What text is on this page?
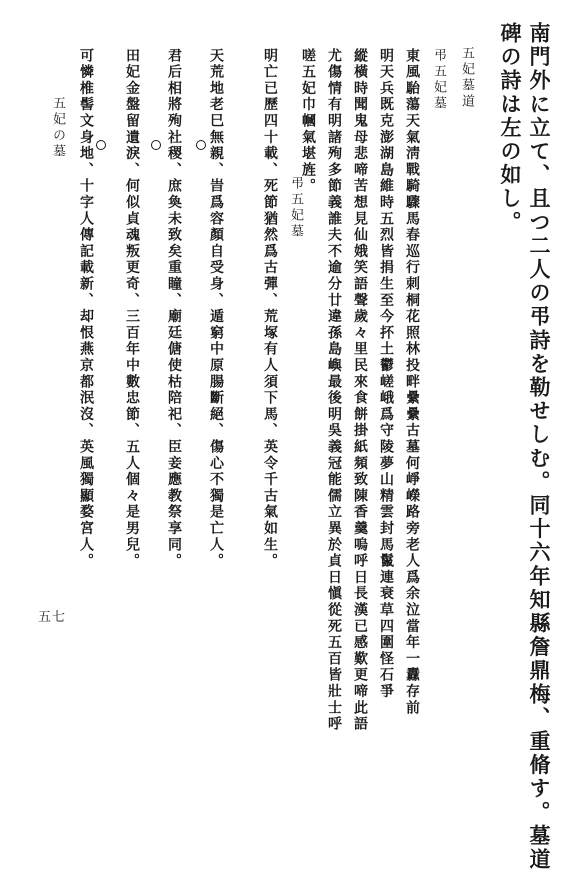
南門外に立て、且つ二人の弔詩を勒せしむ。同十六年知縣詹鼎梅、重脩す。墓道
碑の詩は左の如し。
五妃墓道
弔五妃墓
東風駘蕩天氣淸戰騎驟馬春巡行刺桐花照林投畔纍纍古墓何崢嶸路旁老人爲余泣當年一纛存前
明天兵既克澎湖島維時五烈皆捐生至今抔土鬱嵯峨爲守陵夢山精雲封馬鬣連衰草四圍怪石爭
縱橫時聞鬼母悲啼苦想見仙娥笑語聲歲々里民來食餅掛紙頻致陳香羹嗚呼日長漢已感歎更啼此語
尤傷情有明諸殉多節義誰夫不逾分廿違孫島嶼最後明吳義冠能儒立異於貞日愼從死五百皆壯士呼
嗟五妃巾幗氣堪旌。
弔五妃墓
明亡已歷四十載、死節猶然爲古彈、荒塚有人須下馬、英令千古氣如生。
天荒地老巳無親、旹爲容顏自受身、遁窮中原腸斷絕、傷心不獨是亡人。
君后相將殉社稷、庶奐未致矣重瞳、廟廷傏使枯陪祀、臣妾應教祭享同。
田妃金盤留遺淚、何似貞魂叛更奇、三百年中數忠節、五人個々是男兒。
可憐椎髻文身地、十字人傳記載新、却恨燕京都泯沒、英風獨顯婺宮人。
五妃の墓
五七
